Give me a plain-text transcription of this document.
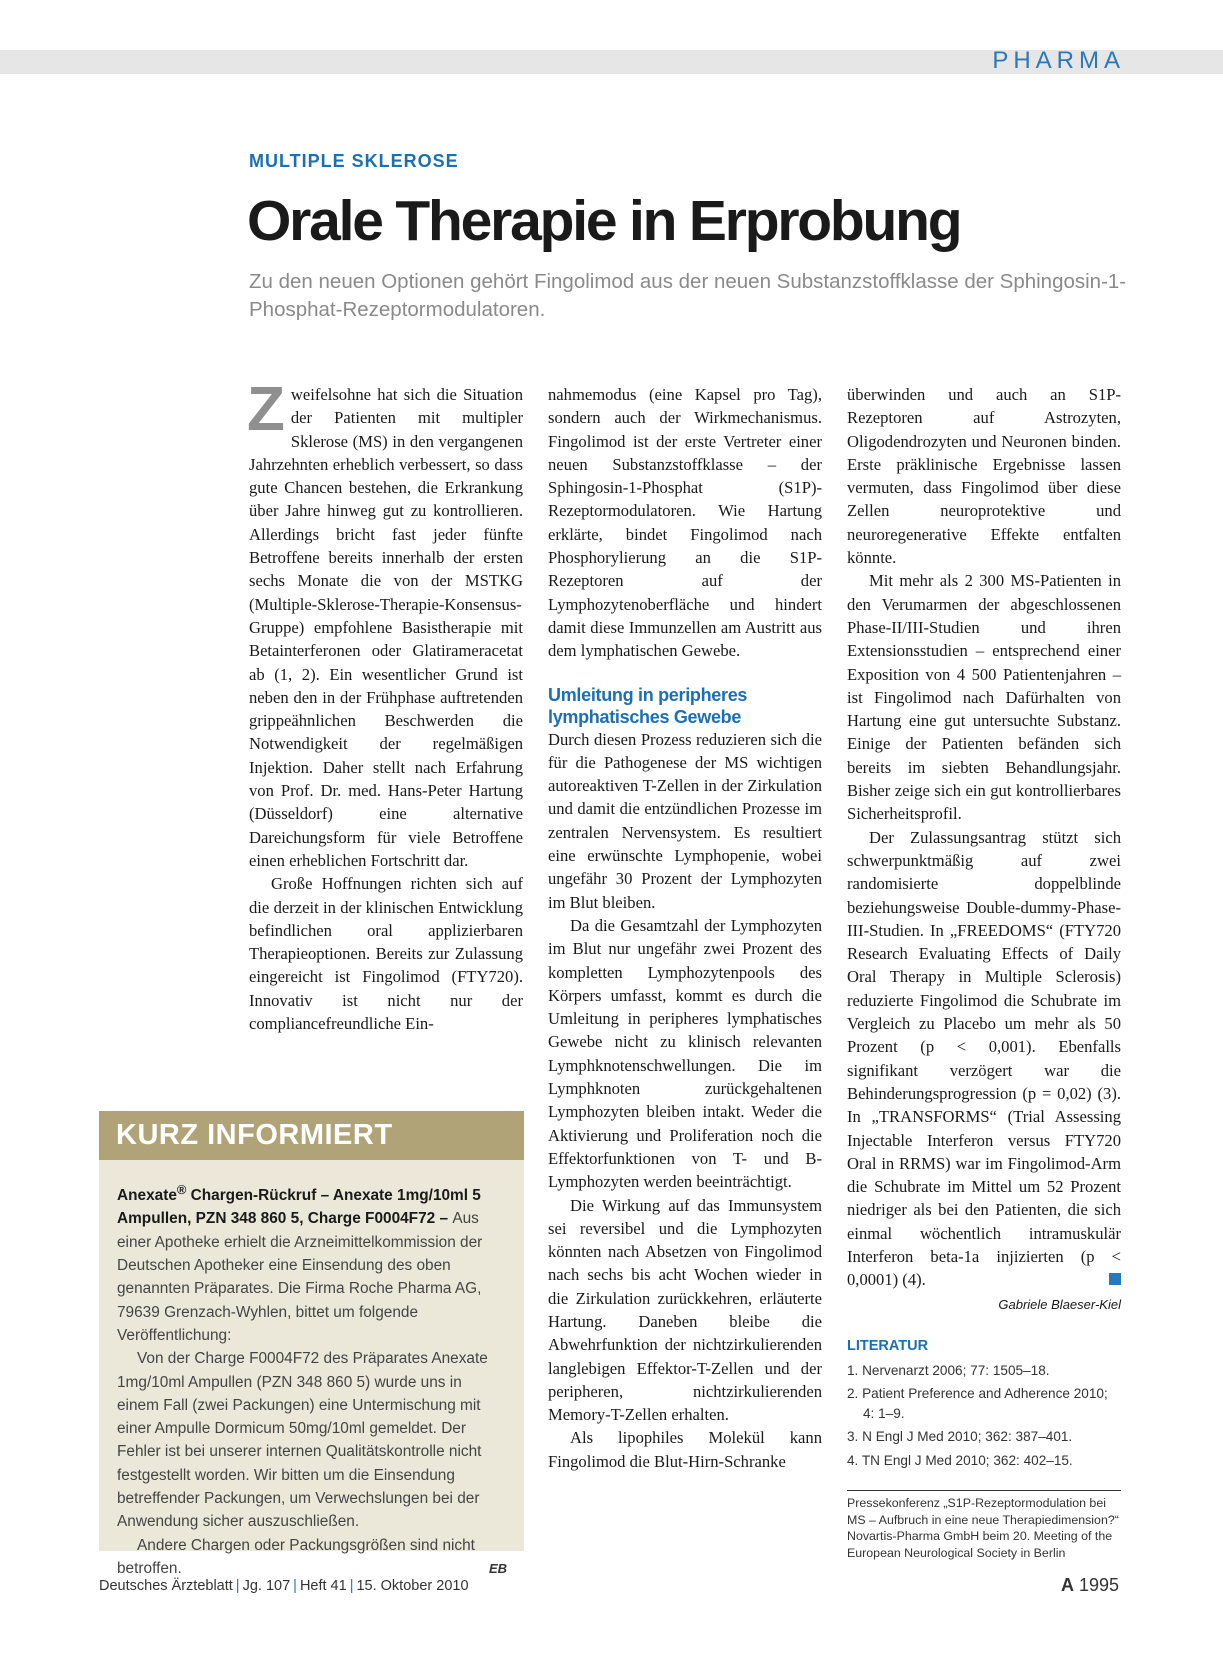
PHARMA
MULTIPLE SKLEROSE
Orale Therapie in Erprobung
Zu den neuen Optionen gehört Fingolimod aus der neuen Substanzstoffklasse der Sphingosin-1-Phosphat-Rezeptormodulatoren.

Zweifelsohne hat sich die Situation der Patienten mit multipler Sklerose (MS) in den vergangenen Jahrzehnten erheblich verbessert, so dass gute Chancen bestehen, die Erkrankung über Jahre hinweg gut zu kontrollieren. Allerdings bricht fast jeder fünfte Betroffene bereits innerhalb der ersten sechs Monate die von der MSTKG (Multiple-Sklerose-Therapie-Konsensus-Gruppe) empfohlene Basistherapie mit Betainterferonen oder Glatirameracetat ab (1, 2). Ein wesentlicher Grund ist neben den in der Frühphase auftretenden grippeähnlichen Beschwerden die Notwendigkeit der regelmäßigen Injektion. Daher stellt nach Erfahrung von Prof. Dr. med. Hans-Peter Hartung (Düsseldorf) eine alternative Dareichungsform für viele Betroffene einen erheblichen Fortschritt dar.

Große Hoffnungen richten sich auf die derzeit in der klinischen Entwicklung befindlichen oral applizierbaren Therapieoptionen. Bereits zur Zulassung eingereicht ist Fingolimod (FTY720). Innovativ ist nicht nur der compliancefreundliche Ein-

nahmemodus (eine Kapsel pro Tag), sondern auch der Wirkmechanismus. Fingolimod ist der erste Vertreter einer neuen Substanzstoffklasse – der Sphingosin-1-Phosphat (S1P)-Rezeptormodulatoren. Wie Hartung erklärte, bindet Fingolimod nach Phosphorylierung an die S1P-Rezeptoren auf der Lymphozytenoberfläche und hindert damit diese Immunzellen am Austritt aus dem lymphatischen Gewebe.

Umleitung in peripheres lymphatisches Gewebe

Durch diesen Prozess reduzieren sich die für die Pathogenese der MS wichtigen autoreaktiven T-Zellen in der Zirkulation und damit die entzündlichen Prozesse im zentralen Nervensystem. Es resultiert eine erwünschte Lymphopenie, wobei ungefähr 30 Prozent der Lymphozyten im Blut bleiben.

Da die Gesamtzahl der Lymphozyten im Blut nur ungefähr zwei Prozent des kompletten Lymphozytenpools des Körpers umfasst, kommt es durch die Umleitung in peripheres lymphatisches Gewebe nicht zu klinisch relevanten Lymphknotenschwellungen. Die im Lymphknoten zurückgehaltenen Lymphozyten bleiben intakt. Weder die Aktivierung und Proliferation noch die Effektorfunktionen von T- und B-Lymphozyten werden beeinträchtigt.

Die Wirkung auf das Immunsystem sei reversibel und die Lymphozyten könnten nach Absetzen von Fingolimod nach sechs bis acht Wochen wieder in die Zirkulation zurückkehren, erläuterte Hartung. Daneben bleibe die Abwehrfunktion der nichtzirkulierenden langlebigen Effektor-T-Zellen und der peripheren, nichtzirkulierenden Memory-T-Zellen erhalten.

Als lipophiles Molekül kann Fingolimod die Blut-Hirn-Schranke

überwinden und auch an S1P-Rezeptoren auf Astrozyten, Oligodendrozyten und Neuronen binden. Erste präklinische Ergebnisse lassen vermuten, dass Fingolimod über diese Zellen neuroprotektive und neuroregenerative Effekte entfalten könnte.

Mit mehr als 2 300 MS-Patienten in den Verumarmen der abgeschlossenen Phase-II/III-Studien und ihren Extensionsstudien – entsprechend einer Exposition von 4 500 Patientenjahren – ist Fingolimod nach Dafürhalten von Hartung eine gut untersuchte Substanz. Einige der Patienten befänden sich bereits im siebten Behandlungsjahr. Bisher zeige sich ein gut kontrollierbares Sicherheitsprofil.

Der Zulassungsantrag stützt sich schwerpunktmäßig auf zwei randomisierte doppelblinde beziehungsweise Double-dummy-Phase-III-Studien. In „FREEDOMS“ (FTY720 Research Evaluating Effects of Daily Oral Therapy in Multiple Sclerosis) reduzierte Fingolimod die Schubrate im Vergleich zu Placebo um mehr als 50 Prozent (p < 0,001). Ebenfalls signifikant verzögert war die Behinderungsprogression (p = 0,02) (3). In „TRANSFORMS“ (Trial Assessing Injectable Interferon versus FTY720 Oral in RRMS) war im Fingolimod-Arm die Schubrate im Mittel um 52 Prozent niedriger als bei den Patienten, die sich einmal wöchentlich intramuskulär Interferon beta-1a injizierten (p < 0,0001) (4).

Gabriele Blaeser-Kiel
LITERATUR
1. Nervenarzt 2006; 77: 1505–18.
2. Patient Preference and Adherence 2010; 4: 1–9.
3. N Engl J Med 2010; 362: 387–401.
4. TN Engl J Med 2010; 362: 402–15.
Pressekonferenz „S1P-Rezeptormodulation bei MS – Aufbruch in eine neue Therapiedimension?“ Novartis-Pharma GmbH beim 20. Meeting of the European Neurological Society in Berlin
KURZ INFORMIERT

Anexate® Chargen-Rückruf – Anexate 1mg/10ml 5 Ampullen, PZN 348 860 5, Charge F0004F72 – Aus einer Apotheke erhielt die Arzneimittelkommission der Deutschen Apotheker eine Einsendung des oben genannten Präparates. Die Firma Roche Pharma AG, 79639 Grenzach-Wyhlen, bittet um folgende Veröffentlichung:

Von der Charge F0004F72 des Präparates Anexate 1mg/10ml Ampullen (PZN 348 860 5) wurde uns in einem Fall (zwei Packungen) eine Untermischung mit einer Ampulle Dormicum 50mg/10ml gemeldet. Der Fehler ist bei unserer internen Qualitätskontrolle nicht festgestellt worden. Wir bitten um die Einsendung betreffender Packungen, um Verwechslungen bei der Anwendung sicher auszuschließen.

Andere Chargen oder Packungsgrößen sind nicht betroffen.	EB

Deutsches Ärzteblatt | Jg. 107 | Heft 41 | 15. Oktober 2010	A 1995
